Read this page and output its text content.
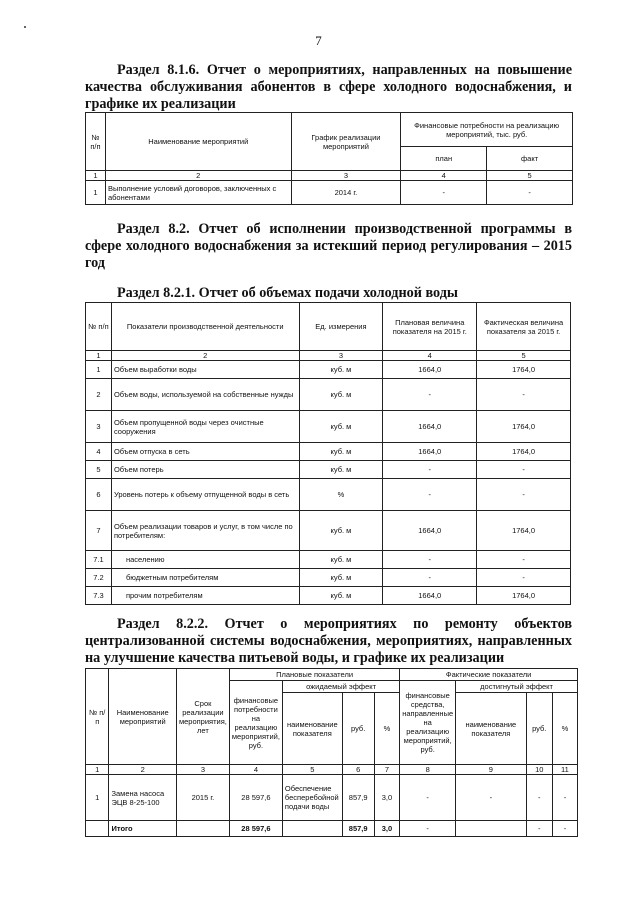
7
Раздел 8.1.6. Отчет о мероприятиях, направленных на повышение качества обслуживания абонентов в сфере холодного водоснабжения, и графике их реализации
№ п/п	Наименование мероприятий	График реализации мероприятий	Финансовые потребности на реализацию мероприятий, тыс. руб.	
			план	факт
1	2	3	4	5
1	Выполнение условий договоров, заключенных с абонентами	2014 г.	-	-
Раздел 8.2. Отчет об исполнении производственной программы в сфере холодного водоснабжения за истекший период регулирования – 2015 год
Раздел 8.2.1. Отчет об объемах подачи холодной воды
№ п/п	Показатели производственной деятельности	Ед. измерения	Плановая величина показателя на 2015 г.	Фактическая величина показателя за 2015 г.
1	2	3	4	5
1	Объем выработки воды	куб. м	1664,0	1764,0
2	Объем воды, используемой на собственные нужды	куб. м	-	-
3	Объем пропущенной воды через очистные сооружения	куб. м	1664,0	1764,0
4	Объем отпуска в сеть	куб. м	1664,0	1764,0
5	Объем потерь	куб. м	-	-
6	Уровень потерь к объему отпущенной воды в сеть	%	-	-
7	Объем реализации товаров и услуг, в том числе по потребителям:	куб. м	1664,0	1764,0
7.1	населению	куб. м	-	-
7.2	бюджетным потребителям	куб. м	-	-
7.3	прочим потребителям	куб. м	1664,0	1764,0
Раздел 8.2.2. Отчет о мероприятиях по ремонту объектов централизованной системы водоснабжения, мероприятиях, направленных на улучшение качества питьевой воды, и графике их реализации
№ п/п	Наименование мероприятий	Срок реализации мероприятия, лет	Плановые показатели				Фактические показатели			
			финансовые потребности на реализацию мероприятий, руб.	ожидаемый эффект			финансовые средства, направленные на реализацию мероприятий, руб.	достигнутый эффект		
				наименование показателя	руб.	%		наименование показателя	руб.	%
1	2	3	4	5	6	7	8	9	10	11
1	Замена насоса ЭЦВ 8-25-100	2015 г.	28 597,6	Обеспечение бесперебойной подачи воды	857,9	3,0	-	-	-	-
	Итого		28 597,6		857,9	3,0	-		-	-
